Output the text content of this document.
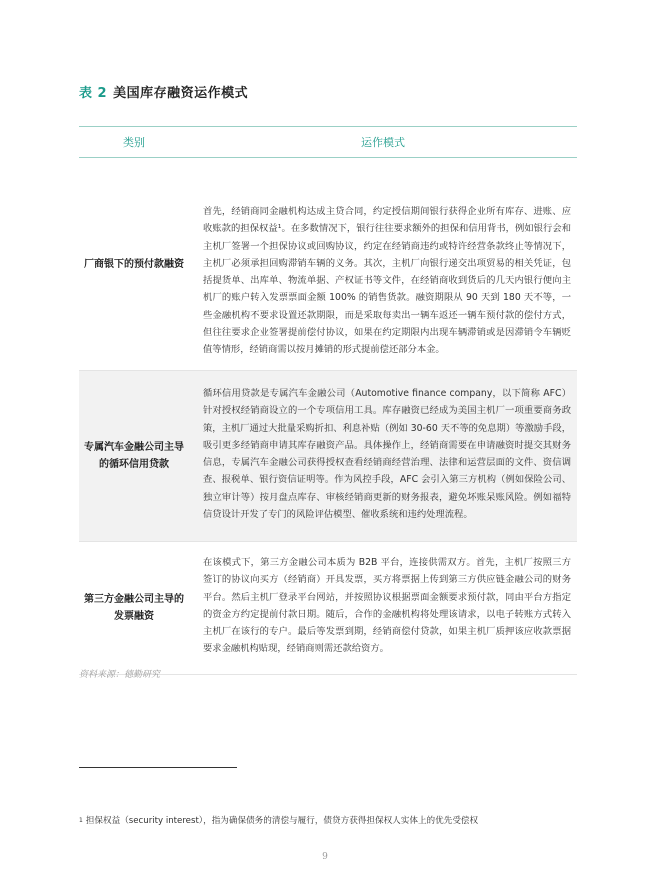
表 2 美国库存融资运作模式
类别	运作模式
厂商银下的预付款融资
首先，经销商同金融机构达成主贷合同，约定授信期间银行获得企业所有库存、进账、应收账款的担保权益¹。在多数情况下，银行往往要求额外的担保和信用背书，例如银行会和主机厂签署一个担保协议或回购协议，约定在经销商违约或特许经营条款终止等情况下，主机厂必须承担回购滞销车辆的义务。其次，主机厂向银行递交出项贸易的相关凭证，包括提货单、出库单、物流单据、产权证书等文件，在经销商收到货后的几天内银行便向主机厂的账户转入发票票面金额 100% 的销售货款。融资期限从 90 天到 180 天不等，一些金融机构不要求设置还款期限，而是采取每卖出一辆车返还一辆车预付款的偿付方式，但往往要求企业签署提前偿付协议，如果在约定期限内出现车辆滞销或是因滞销令车辆贬值等情形，经销商需以按月摊销的形式提前偿还部分本金。
专属汽车金融公司主导的循环信用贷款
循环信用贷款是专属汽车金融公司（Automotive finance company，以下简称 AFC）针对授权经销商设立的一个专项信用工具。库存融资已经成为美国主机厂一项重要商务政策，主机厂通过大批量采购折扣、利息补贴（例如 30-60 天不等的免息期）等激励手段，吸引更多经销商申请其库存融资产品。具体操作上，经销商需要在申请融资时提交其财务信息，专属汽车金融公司获得授权查看经销商经营治理、法律和运营层面的文件、资信调查、报税单、银行资信证明等。作为风控手段，AFC 会引入第三方机构（例如保险公司、独立审计等）按月盘点库存、审核经销商更新的财务报表，避免坏账呆账风险。例如福特信贷设计开发了专门的风险评估模型、催收系统和违约处理流程。
第三方金融公司主导的发票融资
在该模式下，第三方金融公司本质为 B2B 平台，连接供需双方。首先，主机厂按照三方签订的协议向买方（经销商）开具发票，买方将票据上传到第三方供应链金融公司的财务平台。然后主机厂登录平台网站，并按照协议根据票面金额要求预付款，同由平台方指定的资金方约定提前付款日期。随后，合作的金融机构将处理该请求，以电子转账方式转入主机厂在该行的专户。最后等发票到期，经销商偿付贷款，如果主机厂质押该应收款票据要求金融机构贴现，经销商则需还款给资方。
资料来源：德勤研究
$^1$ 担保权益（security interest），指为确保债务的清偿与履行，债贷方获得担保权人实体上的优先受偿权
9
